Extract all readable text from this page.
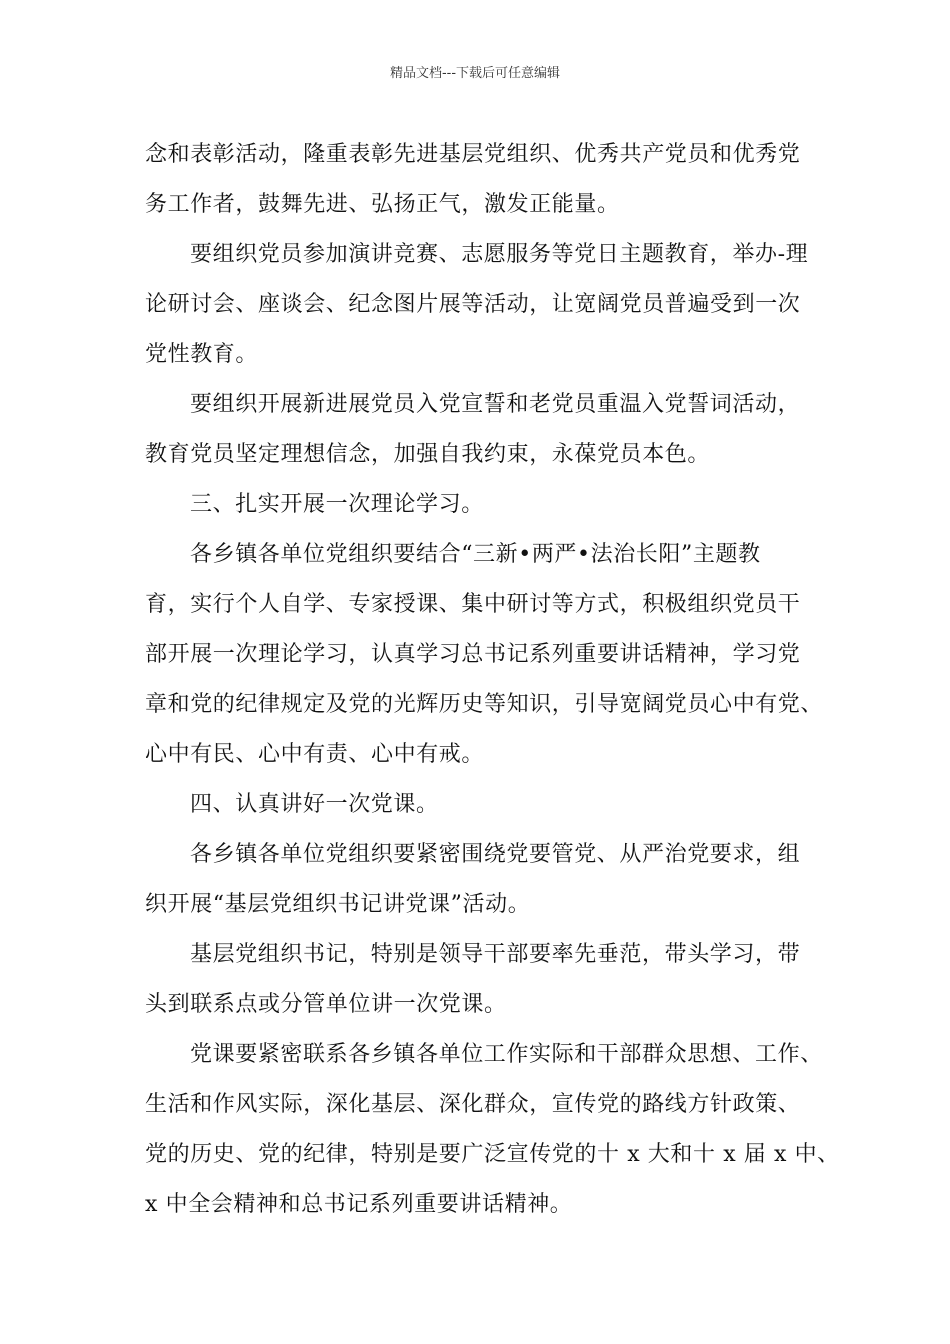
精品文档---下载后可任意编辑
念和表彰活动，隆重表彰先进基层党组织、优秀共产党员和优秀党
务工作者，鼓舞先进、弘扬正气，激发正能量。
要组织党员参加演讲竞赛、志愿服务等党日主题教育，举办-理
论研讨会、座谈会、纪念图片展等活动，让宽阔党员普遍受到一次
党性教育。
要组织开展新进展党员入党宣誓和老党员重温入党誓词活动，
教育党员坚定理想信念，加强自我约束，永葆党员本色。
三、扎实开展一次理论学习。
各乡镇各单位党组织要结合“三新•两严•法治长阳”主题教
育，实行个人自学、专家授课、集中研讨等方式，积极组织党员干
部开展一次理论学习，认真学习总书记系列重要讲话精神，学习党
章和党的纪律规定及党的光辉历史等知识，引导宽阔党员心中有党、
心中有民、心中有责、心中有戒。
四、认真讲好一次党课。
各乡镇各单位党组织要紧密围绕党要管党、从严治党要求，组
织开展“基层党组织书记讲党课”活动。
基层党组织书记，特别是领导干部要率先垂范，带头学习，带
头到联系点或分管单位讲一次党课。
党课要紧密联系各乡镇各单位工作实际和干部群众思想、工作、
生活和作风实际，深化基层、深化群众，宣传党的路线方针政策、
党的历史、党的纪律，特别是要广泛宣传党的十 x 大和十 x 届 x 中、
x 中全会精神和总书记系列重要讲话精神。
